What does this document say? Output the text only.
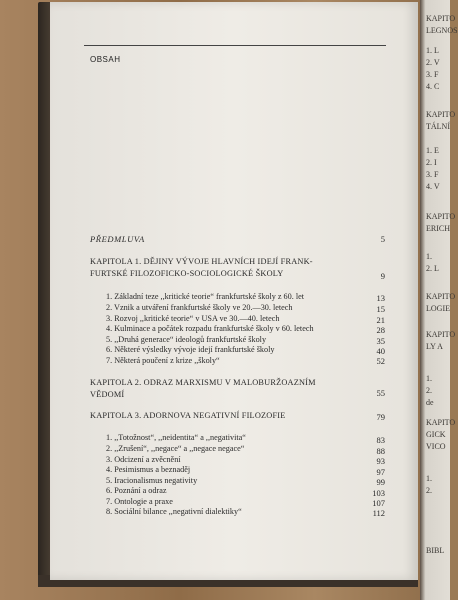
OBSAH
PŘEDMLUVA	5
KAPITOLA 1. DĚJINY VÝVOJE HLAVNÍCH IDEJÍ FRANK-
FURTSKÉ FILOZOFICKO-SOCIOLOGICKÉ ŠKOLY	9
1. Základní teze ,,kritické teorie“ frankfurtské školy z 60. let	13
2. Vznik a utváření frankfurtské školy ve 20.—30. letech	15
3. Rozvoj ,,kritické teorie“ v USA ve 30.—40. letech	21
4. Kulminace a počátek rozpadu frankfurtské školy v 60. letech	28
5. ,,Druhá generace“ ideologů frankfurtské školy	35
6. Některé výsledky vývoje idejí frankfurtské školy	40
7. Některá poučení z krize ,,školy“	52
KAPITOLA 2. ODRAZ MARXISMU V MALOBURŽOAZNÍM
VĚDOMÍ	55
KAPITOLA 3. ADORNOVA NEGATIVNÍ FILOZOFIE	79
1. ,,Totožnost“, ,,neidentita“ a ,,negativita“	83
2. ,,Zrušení“, ,,negace“ a ,,negace negace“	88
3. Odcizení a zvěcnění	93
4. Pesimismus a beznaděj	97
5. Iracionalismus negativity	99
6. Poznání a odraz	103
7. Ontologie a praxe	107
8. Sociální bilance ,,negativní dialektiky“	112
KAPITO
LEGNOS
1. L
2. V
3. F
4. C
KAPITO
TÁLNÍ
1. E
2. I
3. F
4. V
KAPITO
ERICH
1.
2. L
KAPITO
LOGIE
KAPITO
LY A
1.
2.
de
KAPITO
GICK
VICO
1.
2.
BIBL
